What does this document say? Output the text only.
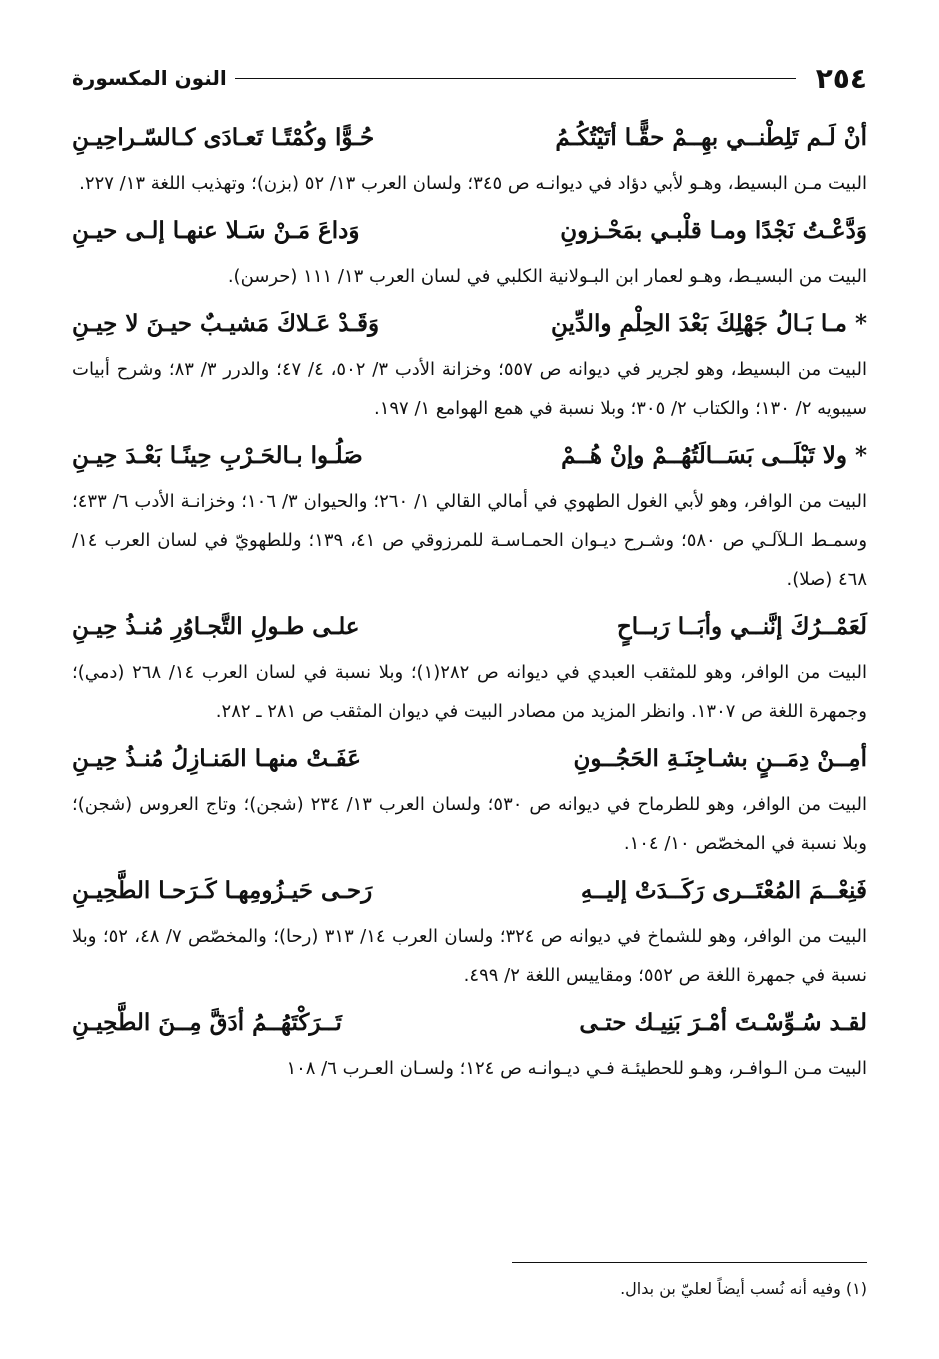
٢٥٤
النون المكسورة
أنْ لَـم تَلِطْنــي بهِــمْ حقًّـا أتَيْتُكُـمُ
حُـوًّا وكُمْتًـا تَعـادَى كـالسّـراحِيـنِ

البيت مـن البسيط، وهـو لأبي دؤاد في ديوانـه ص ٣٤٥؛ ولسان العرب ١٣/ ٥٢ (بزن)؛ وتهذيب اللغة ١٣/ ٢٢٧.

وَدَّعْـتُ نَجْدًا ومـا قلْبـي بمَحْـزونِ
وَداعَ مَـنْ سَـلا عنهـا إلـى حيـنِ

البيت من البسيـط، وهـو لعمار ابن البـولانية الكلبي في لسان العرب ١٣/ ١١١ (حرسن).

* مـا بَـالُ جَهْلِكَ بَعْدَ الحِلْمِ والدِّينِ
وَقَـدْ عَـلاكَ مَشيـبٌ حيـنَ لا حِيـنِ

البيت من البسيط، وهو لجرير في ديوانه ص ٥٥٧؛ وخزانة الأدب ٣/ ٥٠٢، ٤/ ٤٧؛ والدرر ٣/ ٨٣؛ وشرح أبيات سيبويه ٢/ ١٣٠؛ والكتاب ٢/ ٣٠٥؛ وبلا نسبة في همع الهوامع ١/ ١٩٧.

* ولا تَبْلَــى بَسَــالَتُهُــمْ وإنْ هُــمْ
صَلُـوا بـالحَـرْبِ حِينًـا بَعْـدَ حِيـنِ

البيت من الوافر، وهو لأبي الغول الطهوي في أمالي القالي ١/ ٢٦٠؛ والحيوان ٣/ ١٠٦؛ وخزانـة الأدب ٦/ ٤٣٣؛ وسمـط الـلآلـي ص ٥٨٠؛ وشـرح ديـوان الحمـاسـة للمرزوقي ص ٤١، ١٣٩؛ وللطهويّ في لسان العرب ١٤/ ٤٦٨ (صلا).

لَعَمْــرُكَ إنَّنــي وأبَــا رَبــاحٍ
علـى طـولِ التَّجـاوُرِ مُنـذُ حِيـنِ

البيت من الوافر، وهو للمثقب العبدي في ديوانه ص ٢٨٢(١)؛ وبلا نسبة في لسان العرب ١٤/ ٢٦٨ (دمي)؛ وجمهرة اللغة ص ١٣٠٧. وانظر المزيد من مصادر البيت في ديوان المثقب ص ٢٨١ ـ ٢٨٢.

أمِــنْ دِمَــنٍ بشـاجِنَـةِ الحَجُــونِ
عَفَـتْ منهـا المَنـازِلُ مُنـذُ حِيـنِ

البيت من الوافر، وهو للطرماح في ديوانه ص ٥٣٠؛ ولسان العرب ١٣/ ٢٣٤ (شجن)؛ وتاج العروس (شجن)؛ وبلا نسبة في المخصّص ١٠/ ١٠٤.

فَنِعْــمَ المُعْتَــرى رَكَــدَتْ إليــهِ
رَحـى حَيـزُومِهـا كَـرَحـا الطَّحِيـنِ

البيت من الوافر، وهو للشماخ في ديوانه ص ٣٢٤؛ ولسان العرب ١٤/ ٣١٣ (رحا)؛ والمخصّص ٧/ ٤٨، ٥٢؛ وبلا نسبة في جمهرة اللغة ص ٥٥٢؛ ومقاييس اللغة ٢/ ٤٩٩.

لقـد سُـوِّسْـتَ أمْـرَ بَنِيـك حتـى
تَــرَكْتَهُــمُ أدَقَّ مِــنَ الطَّحِيـنِ

البيت مـن الـوافـر، وهـو للحطيئـة فـي ديـوانـه ص ١٢٤؛ ولسـان العـرب ٦/ ١٠٨

(١) وفيه أنه نُسب أيضاً لعليّ بن بدال.
